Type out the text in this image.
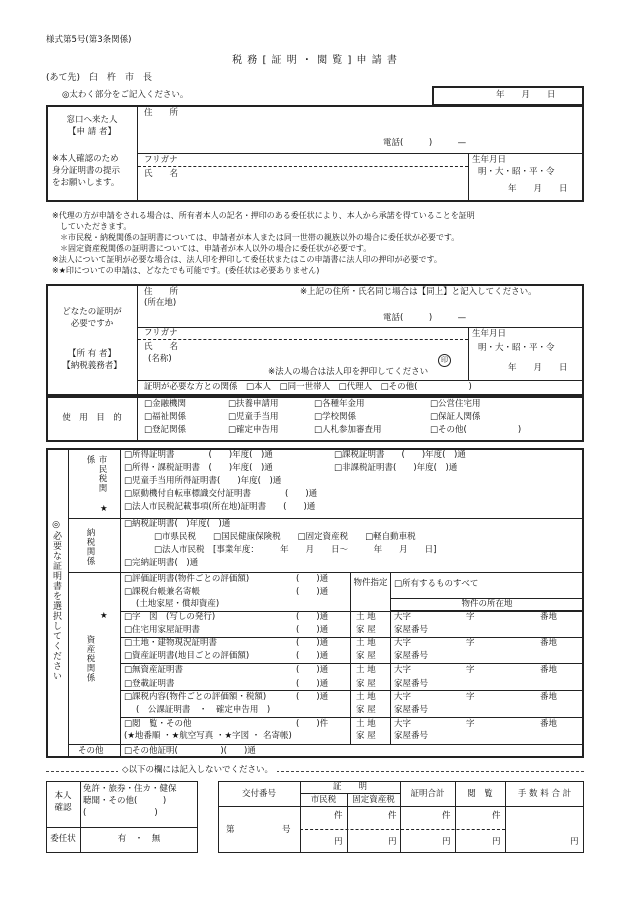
様式第5号(第3条関係)
税 務 [ 証 明 ・ 閲 覧 ] 申 請 書
(あて先)　臼　杵　市　長
◎太わく部分をご記入ください。	年　　月　　日
窓口へ来た人
【申 請 者】
※本人確認のため
身分証明書の提示
をお願いします。
住　　所
電話(　　　)　　　—
フリガナ
氏　　名
生年月日
明・大・昭・平・令
年　　月　　日
※代理の方が申請をされる場合は、所有者本人の記名・押印のある委任状により、本人から承諾を得ていることを証明
　していただきます。
　＊市民税・納税関係の証明書については、申請者が本人または同一世帯の親族以外の場合に委任状が必要です。
　＊固定資産税関係の証明書については、申請者が本人以外の場合に委任状が必要です。
※法人について証明が必要な場合は、法人印を押印して委任状またはこの申請書に法人印の押印が必要です。
※★印についての申請は、どなたでも可能です。(委任状は必要ありません)
どなたの証明が
必要ですか
【所 有 者】
【納税義務者】
住　　所
(所在地)
※上記の住所・氏名同じ場合は【同上】と記入してください。
電話(　　　)　　　—
フリガナ
氏　　名
(名称)
※法人の場合は法人印を押印してください
印
生年月日
明・大・昭・平・令
年　　月　　日
証明が必要な方との関係　□本人　□同一世帯人　□代理人　□その他(　　　　　　)
使　用　目　的
□金融機関	□扶養申請用	□各種年金用	□公営住宅用
□福祉関係	□児童手当用	□学校関係	□保証人関係
□登記関係	□確定申告用	□人札参加審査用	□その他(　　　　　　)
◎必要な証明書を選択してください
市民税関係
★
□所得証明書　　　　(　　)年度(　)通
□所得・課税証明書　(　　)年度(　)通
□児童手当用所得証明書(　　)年度(　)通
□原動機付自転車標識交付証明書　　　　(　　)通
□法人市民税記載事項(所在地)証明書　　(　　)通
□課税証明書　　(　　)年度(　)通
□非課税証明書(　　)年度(　)通
納税関係
□納税証明書(　)年度(　)通
□市県民税　　□国民健康保険税　　□固定資産税　　□軽自動車税
□法人市民税　[事業年度：　　　年　　月　　日〜　　　年　　月　　日]
□完納証明書(　)通
資産税関係
★
物件指定 □所有するものすべて
物件の所在地
□評価証明書(物件ごとの評価額)	(　　)通
□課税台帳兼名寄帳	(　　)通
(土地家屋・償却資産)
□字　図　(写しの発行)	(　　)通	土 地 大字	字	番地
□住宅用家屋証明書	(　　)通	家 屋 家屋番号
□土地・建物現況証明書	(　　)通	土 地 大字	字	番地
□資産証明書(地目ごとの評価額)	(　　)通	家 屋 家屋番号
□無資産証明書	(　　)通	土 地 大字	字	番地
□登載証明書	(　　)通	家 屋 家屋番号
□課税内容(物件ごとの評価額・税額)	(　　)通	土 地 大字	字	番地
(　公課証明書　・　確定申告用　)	家 屋 家屋番号
□閲　覧・その他	(　　)件	土 地 大字	字	番地
(★地番順 ・★航空写真 ・★字図 ・ 名寄帳)	家 屋 家屋番号
その他 □その他証明(　　　　　)(　　)通
◇以下の欄には記入しないでください。
本人
確認
免許・旅券・住カ・健保
聴聞・その他(　　　)
(　　　　　　　　)
委任状	有　・　無
交付番号
証　　明
市民税	固定資産税
証明合計	閲　覧	手 数 料 合 計
第	号
件	件	件	件
円	円	円	円	円
